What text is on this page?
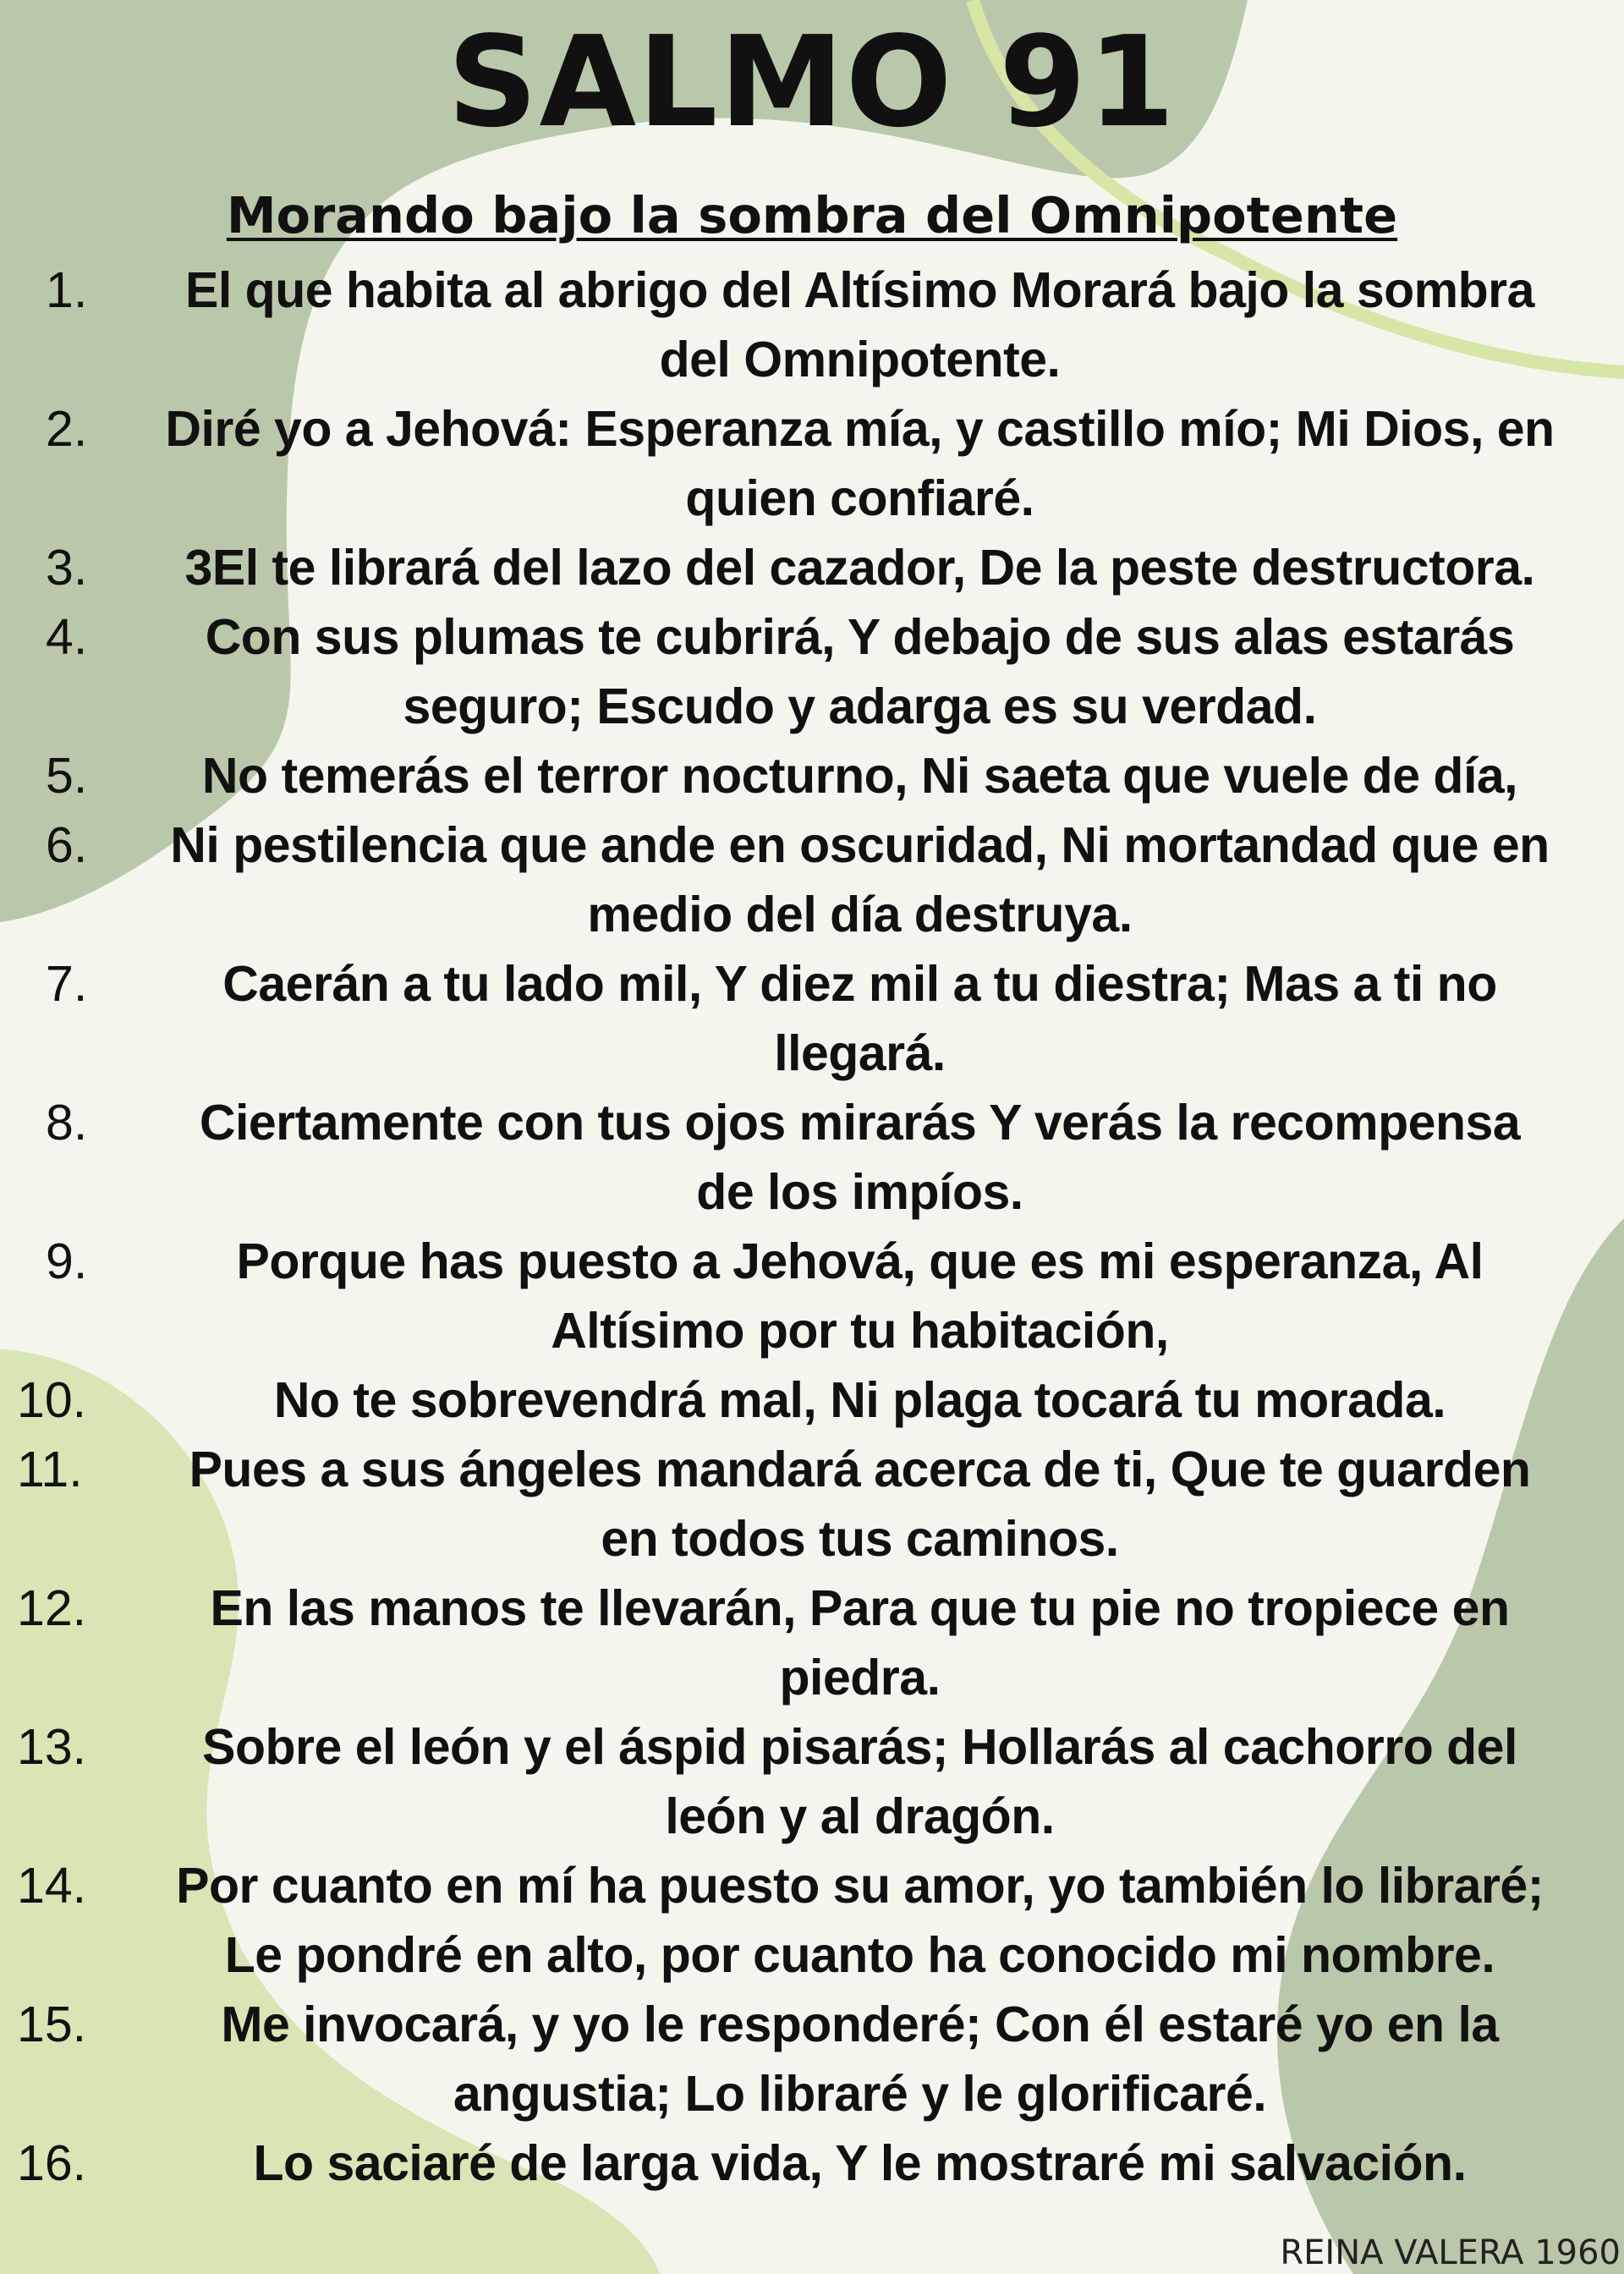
SALMO 91
Morando bajo la sombra del Omnipotente
1.	El que habita al abrigo del Altísimo Morará bajo la sombra
del Omnipotente.
2.	Diré yo a Jehová: Esperanza mía, y castillo mío; Mi Dios, en
quien confiaré.
3.	3El te librará del lazo del cazador, De la peste destructora.
4.	Con sus plumas te cubrirá, Y debajo de sus alas estarás
seguro; Escudo y adarga es su verdad.
5.	No temerás el terror nocturno, Ni saeta que vuele de día,
6.	Ni pestilencia que ande en oscuridad, Ni mortandad que en
medio del día destruya.
7.	Caerán a tu lado mil, Y diez mil a tu diestra; Mas a ti no
llegará.
8.	Ciertamente con tus ojos mirarás Y verás la recompensa
de los impíos.
9.	Porque has puesto a Jehová, que es mi esperanza, Al
Altísimo por tu habitación,
10.	No te sobrevendrá mal, Ni plaga tocará tu morada.
11.	Pues a sus ángeles mandará acerca de ti, Que te guarden
en todos tus caminos.
12.	En las manos te llevarán, Para que tu pie no tropiece en
piedra.
13.	Sobre el león y el áspid pisarás; Hollarás al cachorro del
león y al dragón.
14.	Por cuanto en mí ha puesto su amor, yo también lo libraré;
Le pondré en alto, por cuanto ha conocido mi nombre.
15.	Me invocará, y yo le responderé; Con él estaré yo en la
angustia; Lo libraré y le glorificaré.
16.	Lo saciaré de larga vida, Y le mostraré mi salvación.
REINA VALERA 1960
